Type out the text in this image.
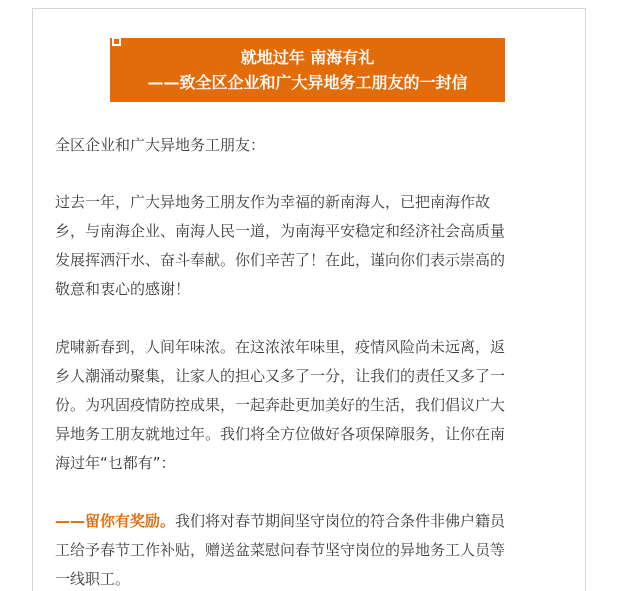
就地过年 南海有礼
——致全区企业和广大异地务工朋友的一封信

全区企业和广大异地务工朋友：

过去一年，广大异地务工朋友作为幸福的新南海人，已把南海作故
乡，与南海企业、南海人民一道，为南海平安稳定和经济社会高质量
发展挥洒汗水、奋斗奉献。你们辛苦了！在此，谨向你们表示崇高的
敬意和衷心的感谢！

虎啸新春到，人间年味浓。在这浓浓年味里，疫情风险尚未远离，返
乡人潮涌动聚集，让家人的担心又多了一分，让我们的责任又多了一
份。为巩固疫情防控成果，一起奔赴更加美好的生活，我们倡议广大
异地务工朋友就地过年。我们将全方位做好各项保障服务，让你在南
海过年“乜都有”：

——留你有奖励。我们将对春节期间坚守岗位的符合条件非佛户籍员
工给予春节工作补贴，赠送盆菜慰问春节坚守岗位的异地务工人员等
一线职工。
